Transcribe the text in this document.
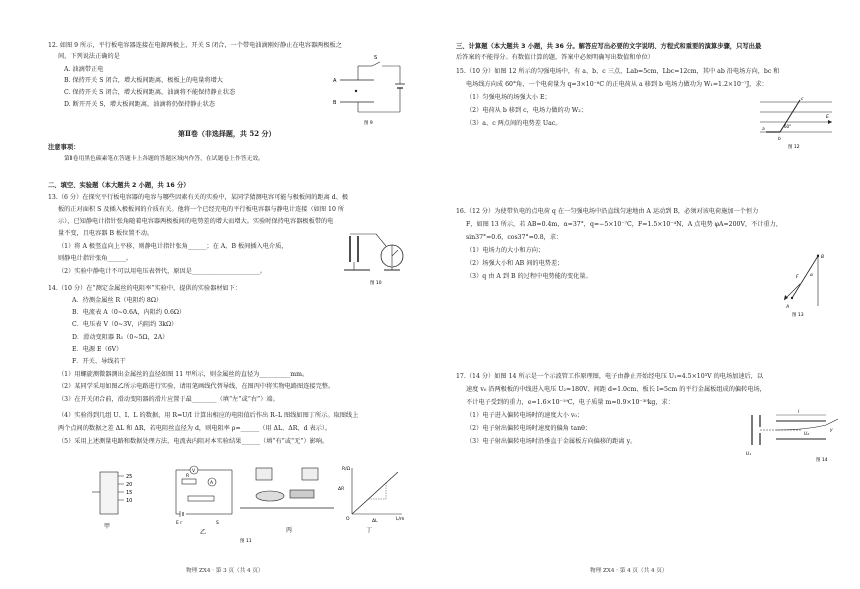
12. 如图 9 所示，平行板电容器连接在电源两极上，开关 S 闭合，一个带电油滴刚好静止在电容器两极板之
间，下列说法正确的是
A. 油滴带正电
B. 保持开关 S 闭合，增大板间距离，极板上的电量将增大
C. 保持开关 S 闭合，增大板间距离，油滴将不能保持静止状态
D. 断开开关 S，增大板间距离，油滴将仍保持静止状态
S
A
B
图 9
第Ⅱ卷（非选择题，共 52 分）
注意事项：
第Ⅱ卷用黑色碳素笔在答题卡上各题的答题区域内作答，在试题卷上作答无效。
二、填空、实验题（本大题共 2 小题，共 16 分）
13.（6 分）在探究平行板电容器的电容与哪些因素有关的实验中，某同学猜测电容可能与极板间的距离 d、极
板的正对面积 S 及插入极板间的介质有关。他将一个已经充电的平行板电容器与静电计连接（如图 10 所
示），已知静电计指针张角随着电容器两极板间的电势差的增大而增大。实验时保持电容器极板带的电
量不变，且电容器 B 板位置不动。
（1）将 A 极竖直向上平移，则静电计指针张角______；在 A、B 板间插入电介质，
则静电计指针张角______。
（2）实验中静电计不可以用电压表替代，原因是______________________。
图 10
14.（10 分）在“测定金属丝的电阻率”实验中，提供的实验器材如下：
A．待测金属丝 R（电阻约 8Ω）
B．电流表 A（0~0.6A，内阻约 0.6Ω）
C．电压表 V（0~3V，内阻约 3kΩ）
D．滑动变阻器 R₁（0~5Ω，2A）
E．电源 E（6V）
F．开关、导线若干
（1）用螺旋测微器测出金属丝的直径如图 11 甲所示，则金属丝的直径为__________mm。
（2）某同学采用如图乙所示电路进行实验，请用笔画线代替导线，在图丙中将实物电路图连接完整。
（3）在开关闭合前，滑动变阻器的滑片应置于最________（填“左”或“右”）端。
（4）实验得到几组 U、I、L 的数据，用 R=U/I 计算出相应的电阻值后作出 R–L 图线如图丁所示。取图线上
两个点间的数据之差 ΔL 和 ΔR，若电阻丝直径为 d，则电阻率 ρ=______（用 ΔL、ΔR、d 表示）。
（5）采用上述测量电路和数据处理方法，电流表内阻对本实验结果______（填“有”或“无”）影响。
25
20
15
10
甲
V
A
R
E r	S
乙	丙
ΔR
ΔL
R/Ω
L/m
O
丁
图 11
物理 ZX4 · 第 3 页（共 4 页）
三、计算题（本大题共 3 小题，共 36 分。解答应写出必要的文字说明、方程式和重要的演算步骤，只写出最
后答案的不能得分。有数值计算的题，答案中必须明确写出数值和单位）
15.（10 分）如图 12 所示的匀强电场中，有 a、b、c 三点，Lab=5cm，Lbc=12cm，其中 ab 沿电场方向，bc 和
电场线方向成 60°角，一个电荷量为 q=3×10⁻⁸C 的正电荷从 a 移到 b 电场力做功为 W₁=1.2×10⁻⁷J，求：
（1）匀强电场的场强大小 E；
（2）电荷从 b 移到 c，电场力做的功 W₂；
（3）a、c 两点间的电势差 Uac。
a
b
c
60°
E
图 12
16.（12 分）为使带负电的点电荷 q 在一匀强电场中沿直线匀速地由 A 运动到 B，必须对该电荷施加一个恒力
F，如图 13 所示，若 AB=0.4m，α=37°，q=−5×10⁻⁷C，F=1.5×10⁻⁴N，A 点电势 φA=200V，不计重力，
sin37°=0.6，cos37°=0.8，求：
（1）电场力的大小和方向；
（2）场强大小和 AB 间的电势差；
（3）q 由 A 到 B 的过程中电势能的变化量。
B
A
F	α
图 13
17.（14 分）如图 14 所示是一个示波管工作原理图，电子由静止开始经电压 U₁=4.5×10³V 的电场加速后，以
速度 v₀ 沿两极板的中线进入电压 U₂=180V、间距 d=1.0cm、板长 l=5cm 的平行金属板组成的偏转电场，
不计电子受到的重力，e=1.6×10⁻¹⁹C，电子质量 m=0.9×10⁻³⁰kg，求：
（1）电子进入偏转电场时的速度大小 v₀；
（2）电子射出偏转电场时速度的偏角 tanθ；
（3）电子射出偏转电场时沿垂直于金属板方向偏移的距离 y。
l
U₁
U₂
y
图 14
物理 ZX4 · 第 4 页（共 4 页）
